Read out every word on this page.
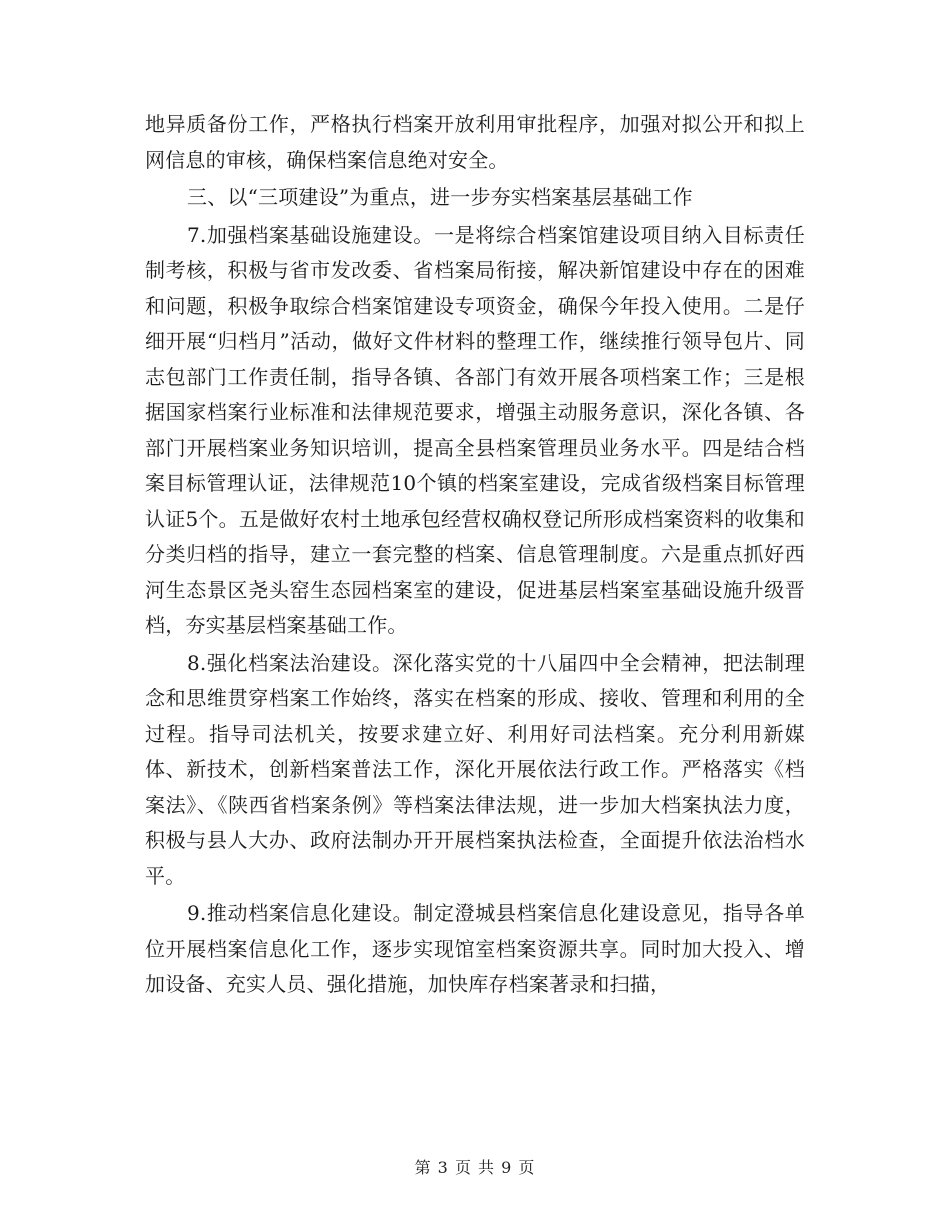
地异质备份工作，严格执行档案开放利用审批程序，加强对拟公开和拟上网信息的审核，确保档案信息绝对安全。

三、以“三项建设”为重点，进一步夯实档案基层基础工作

7.加强档案基础设施建设。一是将综合档案馆建设项目纳入目标责任制考核，积极与省市发改委、省档案局衔接，解决新馆建设中存在的困难和问题，积极争取综合档案馆建设专项资金，确保今年投入使用。二是仔细开展“归档月”活动，做好文件材料的整理工作，继续推行领导包片、同志包部门工作责任制，指导各镇、各部门有效开展各项档案工作；三是根据国家档案行业标准和法律规范要求，增强主动服务意识，深化各镇、各部门开展档案业务知识培训，提高全县档案管理员业务水平。四是结合档案目标管理认证，法律规范10个镇的档案室建设，完成省级档案目标管理认证5个。五是做好农村土地承包经营权确权登记所形成档案资料的收集和分类归档的指导，建立一套完整的档案、信息管理制度。六是重点抓好西河生态景区尧头窑生态园档案室的建设，促进基层档案室基础设施升级晋档，夯实基层档案基础工作。

8.强化档案法治建设。深化落实党的十八届四中全会精神，把法制理念和思维贯穿档案工作始终，落实在档案的形成、接收、管理和利用的全过程。指导司法机关，按要求建立好、利用好司法档案。充分利用新媒体、新技术，创新档案普法工作，深化开展依法行政工作。严格落实《档案法》、《陕西省档案条例》等档案法律法规，进一步加大档案执法力度，积极与县人大办、政府法制办开开展档案执法检查，全面提升依法治档水平。

9.推动档案信息化建设。制定澄城县档案信息化建设意见，指导各单位开展档案信息化工作，逐步实现馆室档案资源共享。同时加大投入、增加设备、充实人员、强化措施，加快库存档案著录和扫描，

第 3 页 共 9 页
